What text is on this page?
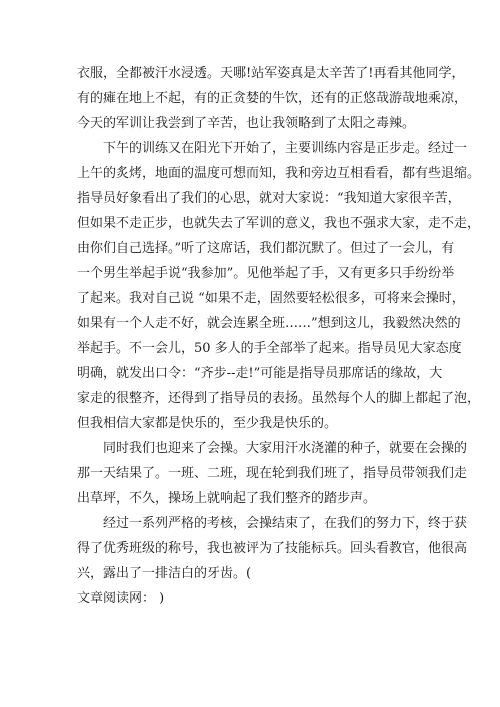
衣服，全都被汗水浸透。天哪!站军姿真是太辛苦了!再看其他同学，
有的瘫在地上不起，有的正贪婪的牛饮，还有的正悠哉游哉地乘凉，
今天的军训让我尝到了辛苦，也让我领略到了太阳之毒辣。
下午的训练又在阳光下开始了，主要训练内容是正步走。经过一
上午的炙烤，地面的温度可想而知，我和旁边互相看看，都有些退缩。
指导员好象看出了我们的心思，就对大家说：“我知道大家很辛苦，
但如果不走正步，也就失去了军训的意义，我也不强求大家，走不走，
由你们自己选择。”听了这席话，我们都沉默了。但过了一会儿，有
一个男生举起手说“我参加”。见他举起了手，又有更多只手纷纷举
了起来。我对自己说 “如果不走，固然要轻松很多，可将来会操时，
如果有一个人走不好，就会连累全班……”想到这儿，我毅然决然的
举起手。不一会儿，50 多人的手全部举了起来。指导员见大家态度
明确，就发出口令：“齐步--走!”可能是指导员那席话的缘故，大
家走的很整齐，还得到了指导员的表扬。虽然每个人的脚上都起了泡，
但我相信大家都是快乐的，至少我是快乐的。
同时我们也迎来了会操。大家用汗水浇灌的种子，就要在会操的
那一天结果了。一班、二班，现在轮到我们班了，指导员带领我们走
出草坪，不久，操场上就响起了我们整齐的踏步声。
经过一系列严格的考核，会操结束了，在我们的努力下，终于获
得了优秀班级的称号，我也被评为了技能标兵。回头看教官，他很高
兴，露出了一排洁白的牙齿。(
文章阅读网： )
